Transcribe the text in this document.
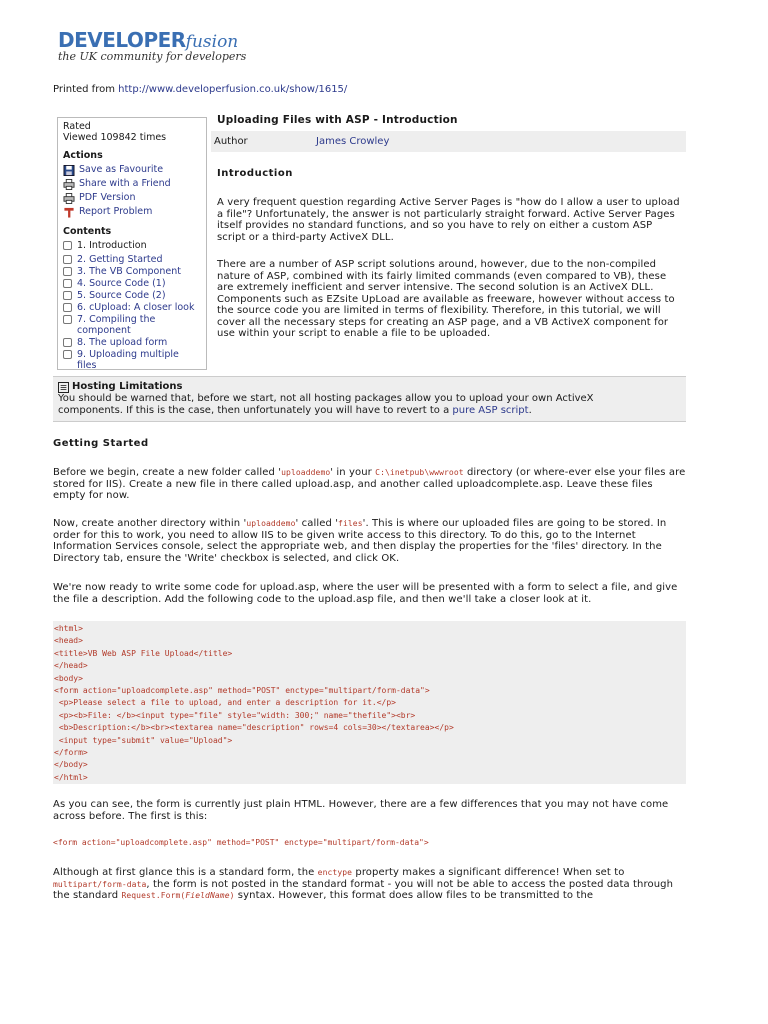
DEVELOPERfusion
the UK community for developers
Printed from http://www.developerfusion.co.uk/show/1615/
Rated
Viewed 109842 times
Actions
Save as Favourite
Share with a Friend
PDF Version
Report Problem
Contents
1. Introduction
2. Getting Started
3. The VB Component
4. Source Code (1)
5. Source Code (2)
6. cUpload: A closer look
7. Compiling the component
8. The upload form
9. Uploading multiple files
Uploading Files with ASP - Introduction
Author	James Crowley
Introduction

A very frequent question regarding Active Server Pages is "how do I allow a user to upload a file"? Unfortunately, the answer is not particularly straight forward. Active Server Pages itself provides no standard functions, and so you have to rely on either a custom ASP script or a third-party ActiveX DLL.

There are a number of ASP script solutions around, however, due to the non-compiled nature of ASP, combined with its fairly limited commands (even compared to VB), these are extremely inefficient and server intensive. The second solution is an ActiveX DLL. Components such as EZsite UpLoad are available as freeware, however without access to the source code you are limited in terms of flexibility. Therefore, in this tutorial, we will cover all the necessary steps for creating an ASP page, and a VB ActiveX component for use within your script to enable a file to be uploaded.

Hosting Limitations
You should be warned that, before we start, not all hosting packages allow you to upload your own ActiveX components. If this is the case, then unfortunately you will have to revert to a pure ASP script.
Getting Started

Before we begin, create a new folder called 'uploaddemo' in your C:\inetpub\wwwroot directory (or where-ever else your files are stored for IIS). Create a new file in there called upload.asp, and another called uploadcomplete.asp. Leave these files empty for now.

Now, create another directory within 'uploaddemo' called 'files'. This is where our uploaded files are going to be stored. In order for this to work, you need to allow IIS to be given write access to this directory. To do this, go to the Internet Information Services console, select the appropriate web, and then display the properties for the 'files' directory. In the Directory tab, ensure the 'Write' checkbox is selected, and click OK.

We're now ready to write some code for upload.asp, where the user will be presented with a form to select a file, and give the file a description. Add the following code to the upload.asp file, and then we'll take a closer look at it.

<html>
<head>
<title>VB Web ASP File Upload</title>
</head>
<body>
<form action="uploadcomplete.asp" method="POST" enctype="multipart/form-data">
<p>Please select a file to upload, and enter a description for it.</p>
<p><b>File: </b><input type="file" style="width: 300;" name="thefile"><br>
<b>Description:</b><br><textarea name="description" rows=4 cols=30></textarea></p>
<input type="submit" value="Upload">
</form>
</body>
</html>

As you can see, the form is currently just plain HTML. However, there are a few differences that you may not have come across before. The first is this:

<form action="uploadcomplete.asp" method="POST" enctype="multipart/form-data">

Although at first glance this is a standard form, the enctype property makes a significant difference! When set to multipart/form-data, the form is not posted in the standard format - you will not be able to access the posted data through the standard Request.Form(FieldName) syntax. However, this format does allow files to be transmitted to the
